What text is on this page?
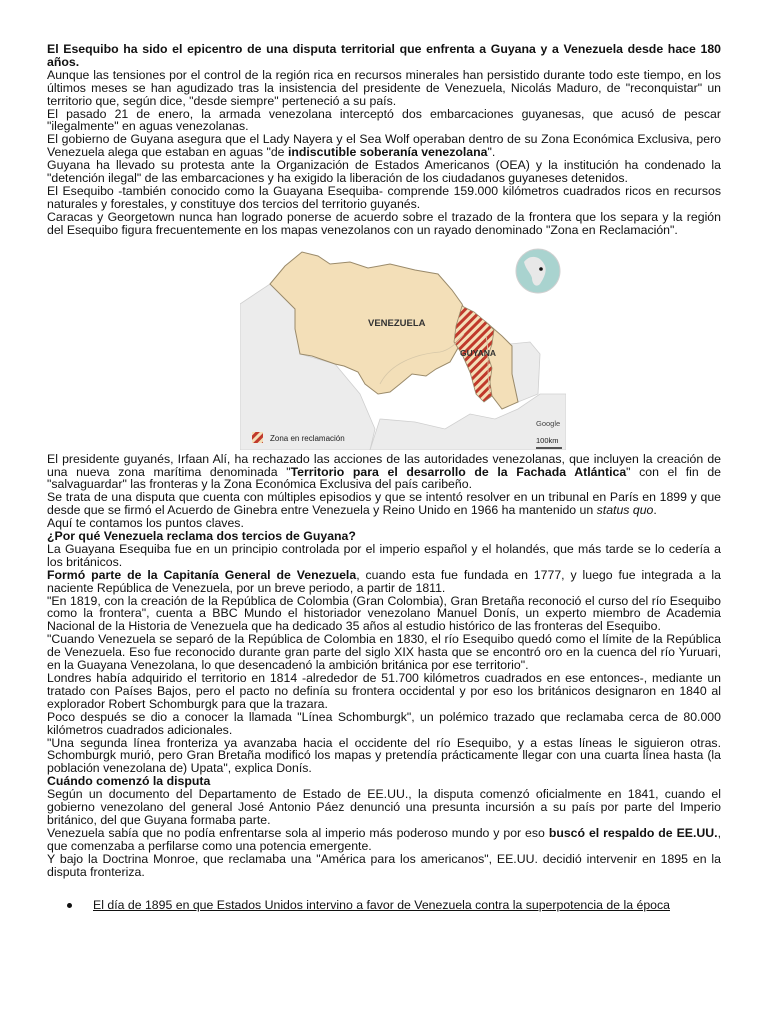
El Esequibo ha sido el epicentro de una disputa territorial que enfrenta a Guyana y a Venezuela desde hace 180 años.

Aunque las tensiones por el control de la región rica en recursos minerales han persistido durante todo este tiempo, en los últimos meses se han agudizado tras la insistencia del presidente de Venezuela, Nicolás Maduro, de "reconquistar" un territorio que, según dice, "desde siempre" perteneció a su país.

El pasado 21 de enero, la armada venezolana interceptó dos embarcaciones guyanesas, que acusó de pescar "ilegalmente" en aguas venezolanas.

El gobierno de Guyana asegura que el Lady Nayera y el Sea Wolf operaban dentro de su Zona Económica Exclusiva, pero Venezuela alega que estaban en aguas "de indiscutible soberanía venezolana".

Guyana ha llevado su protesta ante la Organización de Estados Americanos (OEA) y la institución ha condenado la "detención ilegal" de las embarcaciones y ha exigido la liberación de los ciudadanos guyaneses detenidos.

El Esequibo -también conocido como la Guayana Esequiba- comprende 159.000 kilómetros cuadrados ricos en recursos naturales y forestales, y constituye dos tercios del territorio guyanés.

Caracas y Georgetown nunca han logrado ponerse de acuerdo sobre el trazado de la frontera que los separa y la región del Esequibo figura frecuentemente en los mapas venezolanos con un rayado denominado "Zona en Reclamación".

VENEZUELA
GUYANA
Zona en reclamación
Google
100km

El presidente guyanés, Irfaan Alí, ha rechazado las acciones de las autoridades venezolanas, que incluyen la creación de una nueva zona marítima denominada "Territorio para el desarrollo de la Fachada Atlántica" con el fin de "salvaguardar" las fronteras y la Zona Económica Exclusiva del país caribeño.

Se trata de una disputa que cuenta con múltiples episodios y que se intentó resolver en un tribunal en París en 1899 y que desde que se firmó el Acuerdo de Ginebra entre Venezuela y Reino Unido en 1966 ha mantenido un status quo.

Aquí te contamos los puntos claves.

¿Por qué Venezuela reclama dos tercios de Guyana?

La Guayana Esequiba fue en un principio controlada por el imperio español y el holandés, que más tarde se lo cedería a los británicos.

Formó parte de la Capitanía General de Venezuela, cuando esta fue fundada en 1777, y luego fue integrada a la naciente República de Venezuela, por un breve periodo, a partir de 1811.

"En 1819, con la creación de la República de Colombia (Gran Colombia), Gran Bretaña reconoció el curso del río Esequibo como la frontera", cuenta a BBC Mundo el historiador venezolano Manuel Donís, un experto miembro de Academia Nacional de la Historia de Venezuela que ha dedicado 35 años al estudio histórico de las fronteras del Esequibo.

"Cuando Venezuela se separó de la República de Colombia en 1830, el río Esequibo quedó como el límite de la República de Venezuela. Eso fue reconocido durante gran parte del siglo XIX hasta que se encontró oro en la cuenca del río Yuruari, en la Guayana Venezolana, lo que desencadenó la ambición británica por ese territorio".

Londres había adquirido el territorio en 1814 -alrededor de 51.700 kilómetros cuadrados en ese entonces-, mediante un tratado con Países Bajos, pero el pacto no definía su frontera occidental y por eso los británicos designaron en 1840 al explorador Robert Schomburgk para que la trazara.

Poco después se dio a conocer la llamada "Línea Schomburgk", un polémico trazado que reclamaba cerca de 80.000 kilómetros cuadrados adicionales.

"Una segunda línea fronteriza ya avanzaba hacia el occidente del río Esequibo, y a estas líneas le siguieron otras. Schomburgk murió, pero Gran Bretaña modificó los mapas y pretendía prácticamente llegar con una cuarta línea hasta (la población venezolana de) Upata", explica Donís.

Cuándo comenzó la disputa

Según un documento del Departamento de Estado de EE.UU., la disputa comenzó oficialmente en 1841, cuando el gobierno venezolano del general José Antonio Páez denunció una presunta incursión a su país por parte del Imperio británico, del que Guyana formaba parte.

Venezuela sabía que no podía enfrentarse sola al imperio más poderoso mundo y por eso buscó el respaldo de EE.UU., que comenzaba a perfilarse como una potencia emergente.

Y bajo la Doctrina Monroe, que reclamaba una "América para los americanos", EE.UU. decidió intervenir en 1895 en la disputa fronteriza.

El día de 1895 en que Estados Unidos intervino a favor de Venezuela contra la superpotencia de la época
